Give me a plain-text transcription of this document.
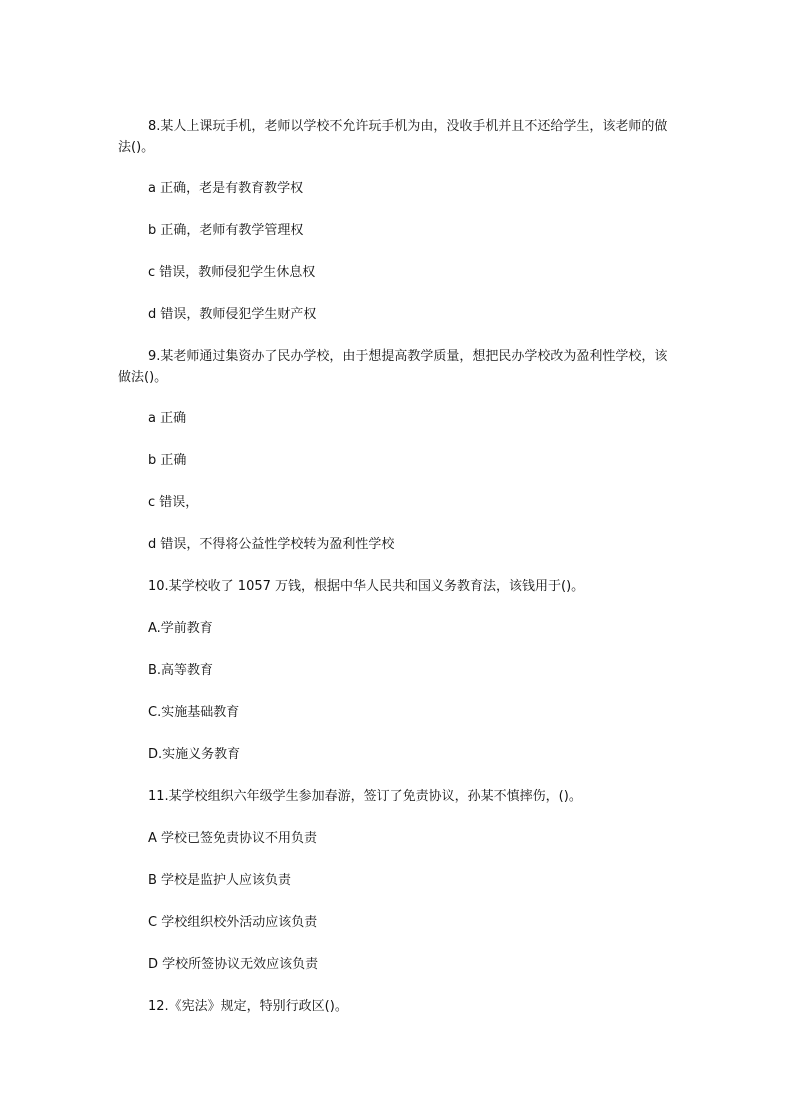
8.某人上课玩手机，老师以学校不允许玩手机为由，没收手机并且不还给学生，该老师的做法()。

a 正确，老是有教育教学权

b 正确，老师有教学管理权

c 错误，教师侵犯学生休息权

d 错误，教师侵犯学生财产权

9.某老师通过集资办了民办学校，由于想提高教学质量，想把民办学校改为盈利性学校，该做法()。

a 正确

b 正确

c 错误，

d 错误，不得将公益性学校转为盈利性学校

10.某学校收了 1057 万钱，根据中华人民共和国义务教育法，该钱用于()。

A.学前教育

B.高等教育

C.实施基础教育

D.实施义务教育

11.某学校组织六年级学生参加春游，签订了免责协议，孙某不慎摔伤，()。

A 学校已签免责协议不用负责

B 学校是监护人应该负责

C 学校组织校外活动应该负责

D 学校所签协议无效应该负责

12.《宪法》规定，特别行政区()。
